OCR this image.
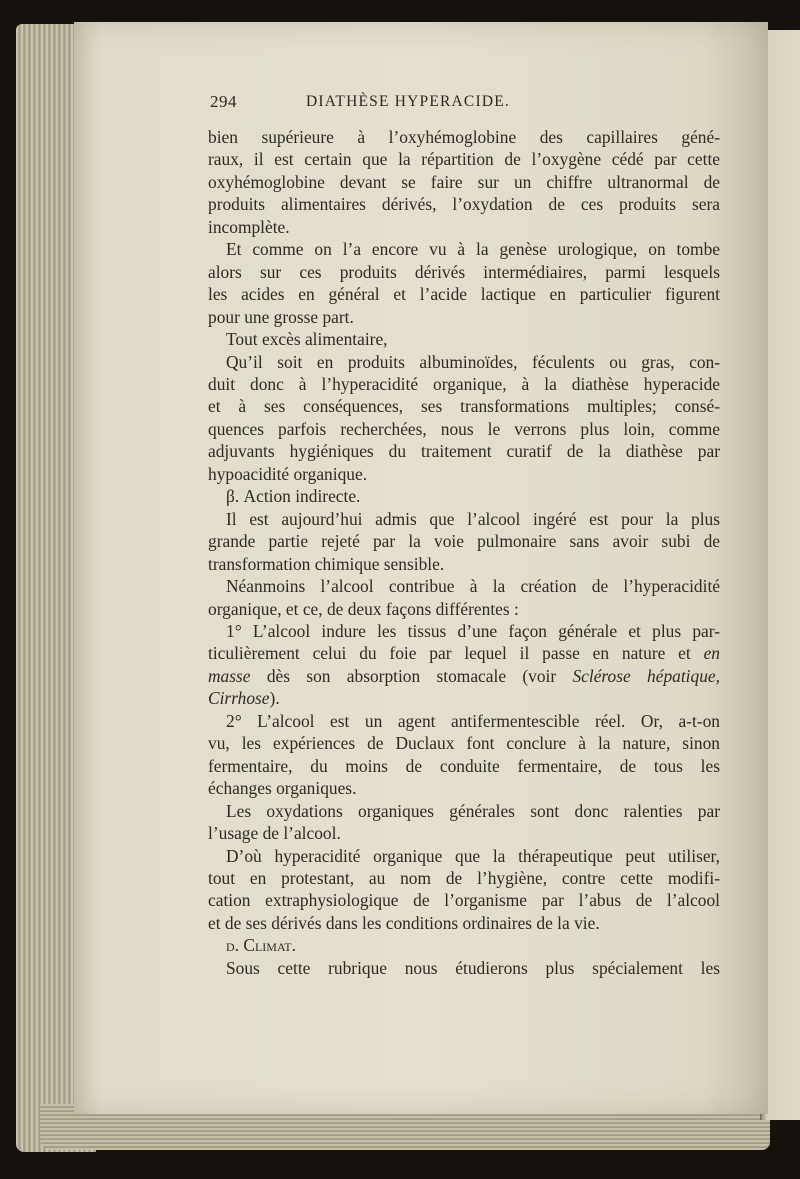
294	DIATHÈSE HYPERACIDE.

bien supérieure à l’oxyhémoglobine des capillaires géné-

raux, il est certain que la répartition de l’oxygène cédé par cette

oxyhémoglobine devant se faire sur un chiffre ultranormal de

produits alimentaires dérivés, l’oxydation de ces produits sera

incomplète.

Et comme on l’a encore vu à la genèse urologique, on tombe

alors sur ces produits dérivés intermédiaires, parmi lesquels

les acides en général et l’acide lactique en particulier figurent

pour une grosse part.

Tout excès alimentaire,

Qu’il soit en produits albuminoïdes, féculents ou gras, con-

duit donc à l’hyperacidité organique, à la diathèse hyperacide

et à ses conséquences, ses transformations multiples; consé-

quences parfois recherchées, nous le verrons plus loin, comme

adjuvants hygiéniques du traitement curatif de la diathèse par

hypoacidité organique.

β. Action indirecte.

Il est aujourd’hui admis que l’alcool ingéré est pour la plus

grande partie rejeté par la voie pulmonaire sans avoir subi de

transformation chimique sensible.

Néanmoins l’alcool contribue à la création de l’hyperacidité

organique, et ce, de deux façons différentes :

1° L’alcool indure les tissus d’une façon générale et plus par-

ticulièrement celui du foie par lequel il passe en nature et en

masse dès son absorption stomacale (voir Sclérose hépatique,

Cirrhose).

2° L’alcool est un agent antifermentescible réel. Or, a-t-on

vu, les expériences de Duclaux font conclure à la nature, sinon

fermentaire, du moins de conduite fermentaire, de tous les

échanges organiques.

Les oxydations organiques générales sont donc ralenties par

l’usage de l’alcool.

D’où hyperacidité organique que la thérapeutique peut utiliser,

tout en protestant, au nom de l’hygiène, contre cette modifi-

cation extraphysiologique de l’organisme par l’abus de l’alcool

et de ses dérivés dans les conditions ordinaires de la vie.

d. Climat.

Sous cette rubrique nous étudierons plus spécialement les
